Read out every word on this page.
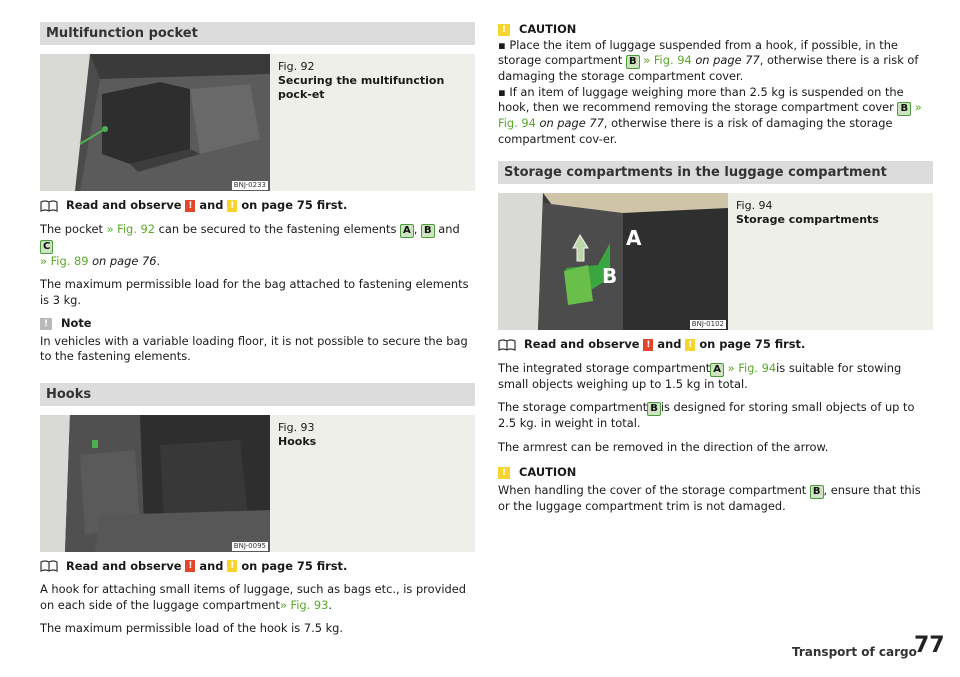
Multifunction pocket
BNJ-0233
Fig. 92
Securing the multifunction pock-et
Read and observe
!
and
!
on page 75 first.

The pocket » Fig. 92 can be secured to the fastening elements A , B and C
» Fig. 89 on page 76.

The maximum permissible load for the bag attached to fastening elements is 3 kg.

!	Note

In vehicles with a variable loading floor, it is not possible to secure the bag to the fastening elements.

Hooks
BNJ-0095
Fig. 93
Hooks
Read and observe
!
and
!
on page 75 first.

A hook for attaching small items of luggage, such as bags etc., is provided on each side of the luggage compartment» Fig. 93.

The maximum permissible load of the hook is 7.5 kg.

!	CAUTION

▪ Place the item of luggage suspended from a hook, if possible, in the storage compartment B » Fig. 94 on page 77, otherwise there is a risk of damaging the storage compartment cover.

▪ If an item of luggage weighing more than 2.5 kg is suspended on the hook, then we recommend removing the storage compartment cover B » Fig. 94 on page 77, otherwise there is a risk of damaging the storage compartment cov-er.

Storage compartments in the luggage compartment
A
B
BNJ-0102
Fig. 94
Storage compartments
Read and observe
!
and
!
on page 75 first.

The integrated storage compartment A » Fig. 94is suitable for stowing small objects weighing up to 1.5 kg in total.

The storage compartment B is designed for storing small objects of up to 2.5 kg. in weight in total.

The armrest can be removed in the direction of the arrow.

!	CAUTION

When handling the cover of the storage compartment B , ensure that this or the luggage compartment trim is not damaged.

Transport of cargo
77
